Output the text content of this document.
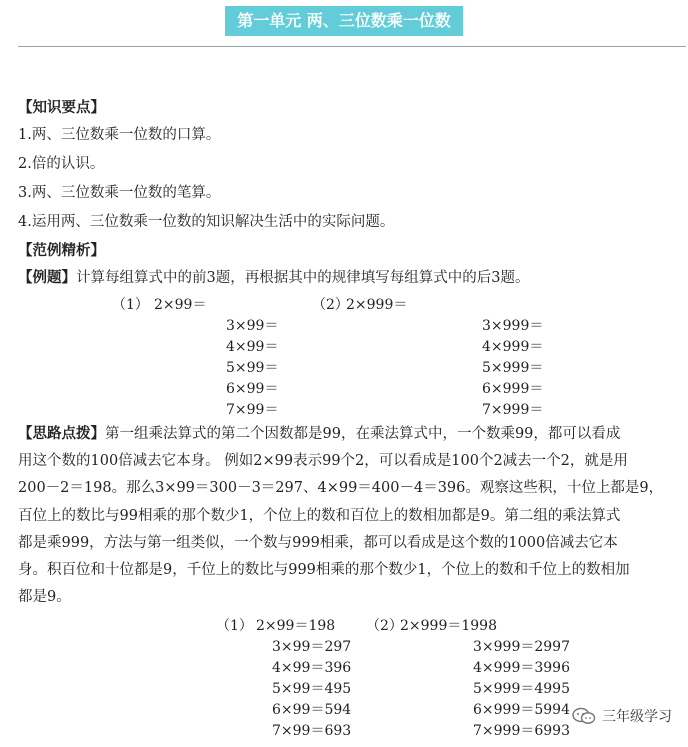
第一单元 两、三位数乘一位数
【知识要点】
1.两、三位数乘一位数的口算。
2.倍的认识。
3.两、三位数乘一位数的笔算。
4.运用两、三位数乘一位数的知识解决生活中的实际问题。
【范例精析】
【例题】计算每组算式中的前3题，再根据其中的规律填写每组算式中的后3题。
（1） 2×99＝
3×99＝
4×99＝
5×99＝
6×99＝
7×99＝
（2）
2×999＝
3×999＝
4×999＝
5×999＝
6×999＝
7×999＝
【思路点拨】第一组乘法算式的第二个因数都是99，在乘法算式中，一个数乘99，都可以看成
用这个数的100倍减去它本身。 例如2×99表示99个2，可以看成是100个2减去一个2，就是用
200－2＝198。那么3×99＝300－3＝297、4×99＝400－4＝396。观察这些积，十位上都是9，
百位上的数比与99相乘的那个数少1，个位上的数和百位上的数相加都是9。第二组的乘法算式
都是乘999，方法与第一组类似，一个数与999相乘，都可以看成是这个数的1000倍减去它本
身。积百位和十位都是9，千位上的数比与999相乘的那个数少1，个位上的数和千位上的数相加
都是9。
（1） 2×99＝198
3×99＝297
4×99＝396
5×99＝495
6×99＝594
7×99＝693
（2）
2×999＝1998
3×999＝2997
4×999＝3996
5×999＝4995
6×999＝5994
7×999＝6993
三年级学习
